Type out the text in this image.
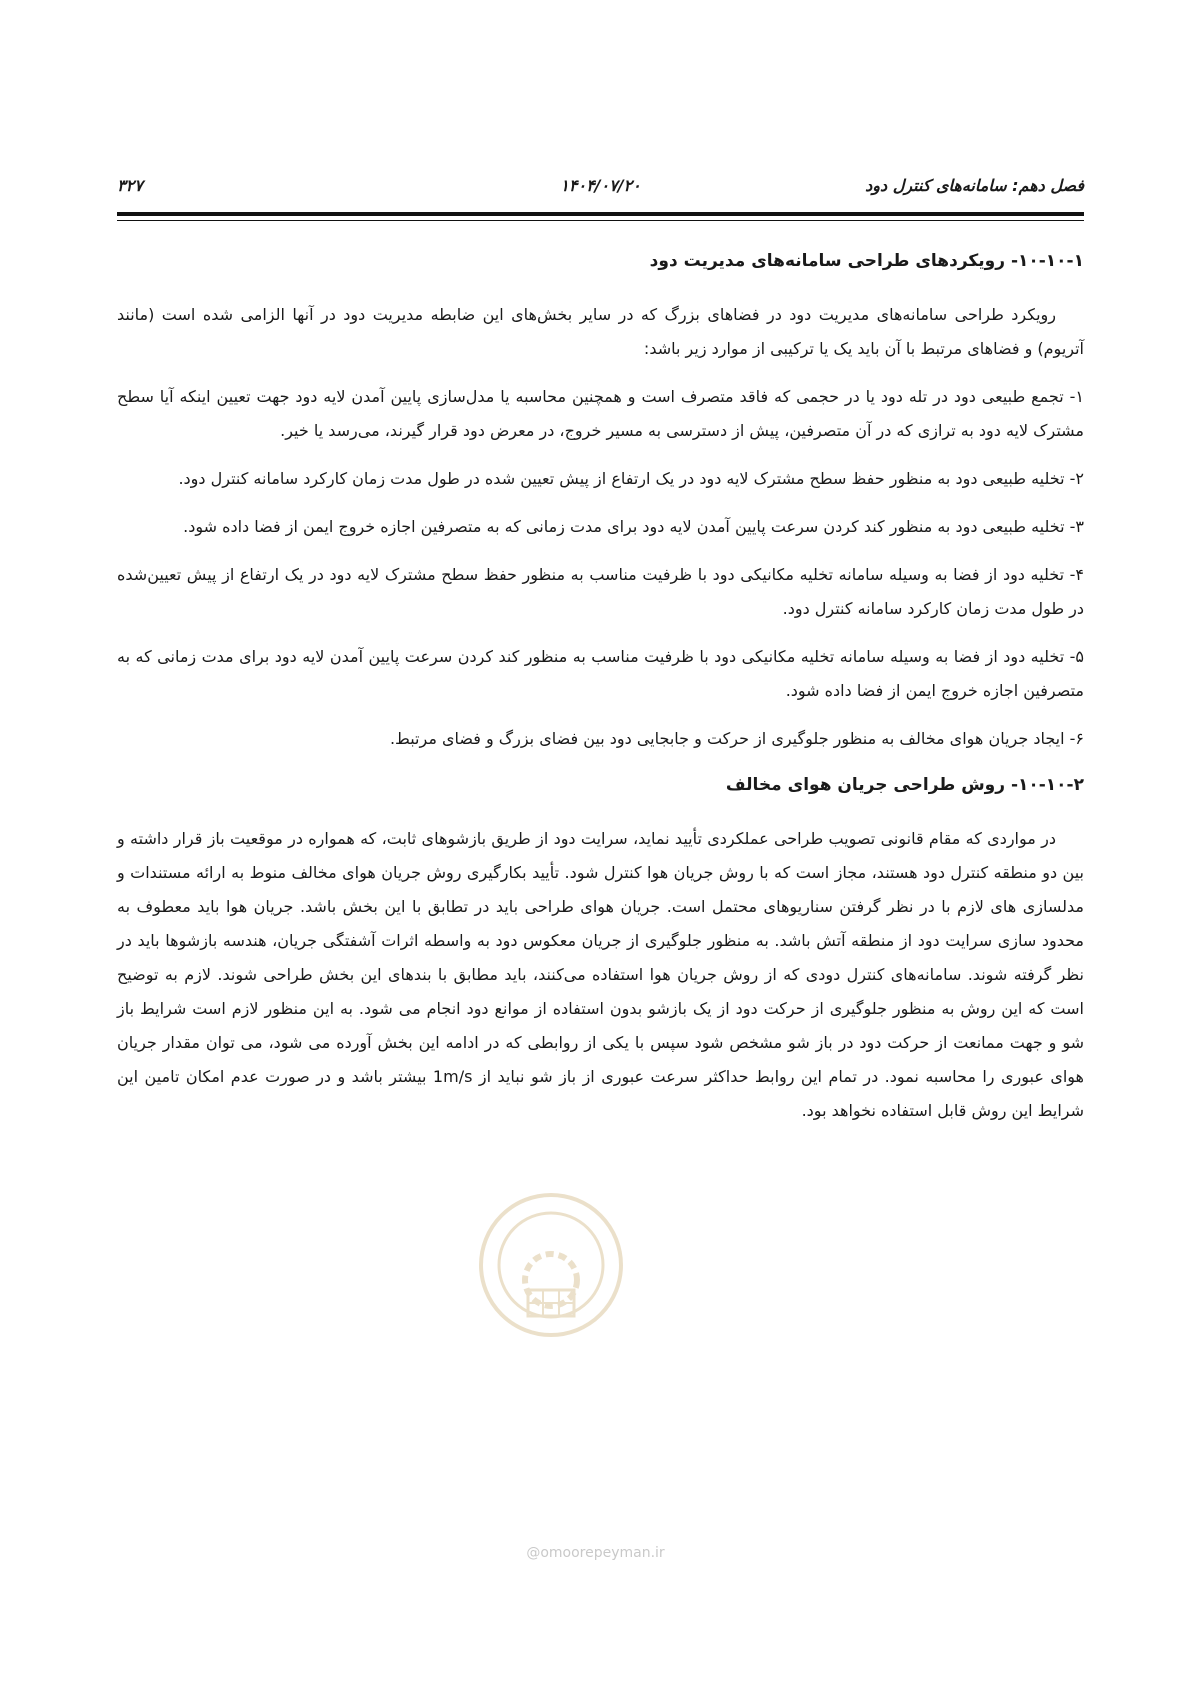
فصل دهم: سامانه‌های کنترل دود
۱۴۰۴/۰۷/۲۰
۳۲۷
۱۰-۱۰-۱- رویکردهای طراحی سامانه‌های مدیریت دود

رویکرد طراحی سامانه‌های مدیریت دود در فضاهای بزرگ که در سایر بخش‌های این ضابطه مدیریت دود در آنها الزامی شده است (مانند آتریوم) و فضاهای مرتبط با آن باید یک یا ترکیبی از موارد زیر باشد:

۱- تجمع طبیعی دود در تله دود یا در حجمی که فاقد متصرف است و همچنین محاسبه یا مدل‌سازی پایین آمدن لایه دود جهت تعیین اینکه آیا سطح مشترک لایه دود به ترازی که در آن متصرفین، پیش از دسترسی به مسیر خروج، در معرض دود قرار گیرند، می‌رسد یا خیر.

۲- تخلیه طبیعی دود به منظور حفظ سطح مشترک لایه دود در یک ارتفاع از پیش تعیین شده در طول مدت زمان کارکرد سامانه کنترل دود.

۳- تخلیه طبیعی دود به منظور کند کردن سرعت پایین آمدن لایه دود برای مدت زمانی که به متصرفین اجازه خروج ایمن از فضا داده شود.

۴- تخلیه دود از فضا به وسیله سامانه تخلیه مکانیکی دود با ظرفیت مناسب به منظور حفظ سطح مشترک لایه دود در یک ارتفاع از پیش تعیین‌شده در طول مدت زمان کارکرد سامانه کنترل دود.

۵- تخلیه دود از فضا به وسیله سامانه تخلیه مکانیکی دود با ظرفیت مناسب به منظور کند کردن سرعت پایین آمدن لایه دود برای مدت زمانی که به متصرفین اجازه خروج ایمن از فضا داده شود.

۶- ایجاد جریان هوای مخالف به منظور جلوگیری از حرکت و جابجایی دود بین فضای بزرگ و فضای مرتبط.

۱۰-۱۰-۲- روش طراحی جریان هوای مخالف

در مواردی که مقام قانونی تصویب طراحی عملکردی تأیید نماید، سرایت دود از طریق بازشوهای ثابت، که همواره در موقعیت باز قرار داشته و بین دو منطقه کنترل دود هستند، مجاز است که با روش جریان هوا کنترل شود. تأیید بکارگیری روش جریان هوای مخالف منوط به ارائه مستندات و مدلسازی های لازم با در نظر گرفتن سناریوهای محتمل است. جریان هوای طراحی باید در تطابق با این بخش باشد. جریان هوا باید معطوف به محدود سازی سرایت دود از منطقه آتش باشد. به منظور جلوگیری از جریان معکوس دود به واسطه اثرات آشفتگی جریان، هندسه بازشوها باید در نظر گرفته شوند. سامانه‌های کنترل دودی که از روش جریان هوا استفاده می‌کنند، باید مطابق با بندهای این بخش طراحی شوند. لازم به توضیح است که این روش به منظور جلوگیری از حرکت دود از یک بازشو بدون استفاده از موانع دود انجام می شود. به این منظور لازم است شرایط باز شو و جهت ممانعت از حرکت دود در باز شو مشخص شود سپس با یکی از روابطی که در ادامه این بخش آورده می شود، می توان مقدار جریان هوای عبوری را محاسبه نمود. در تمام این روابط حداکثر سرعت عبوری از باز شو نباید از 1m/s بیشتر باشد و در صورت عدم امکان تامین این شرایط این روش قابل استفاده نخواهد بود.

@omoorepeyman.ir
